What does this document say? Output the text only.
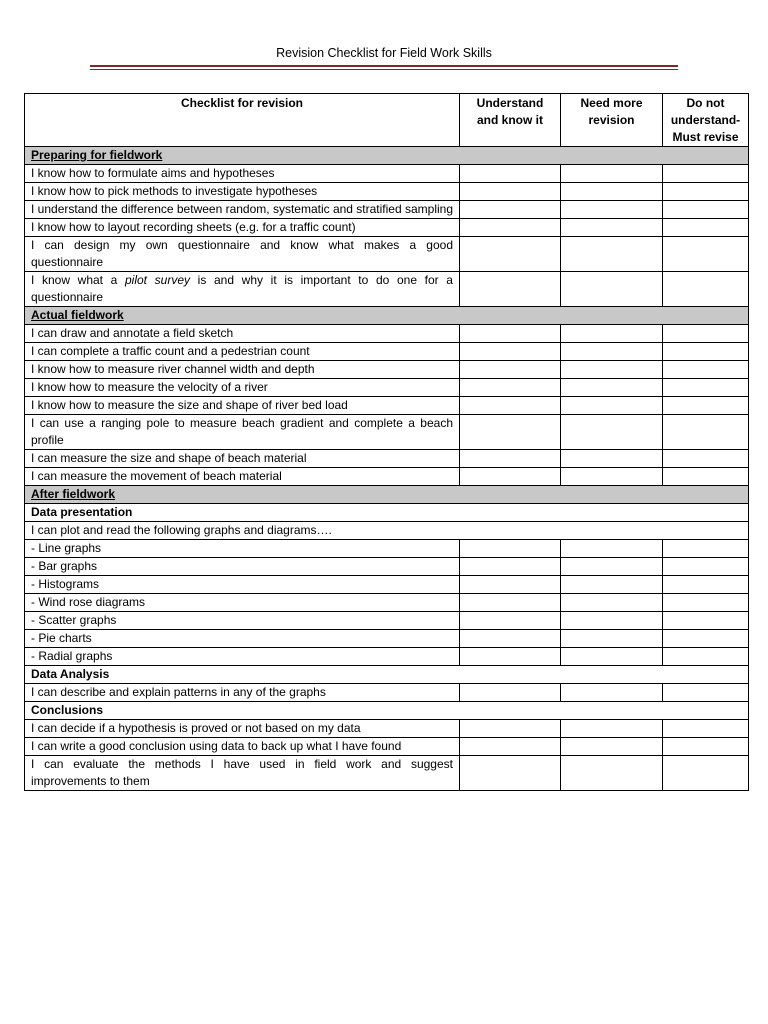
Revision Checklist for Field Work Skills
Checklist for revision	Understand and know it	Need more revision	Do not understand- Must revise
Preparing for fieldwork			
I know how to formulate aims and hypotheses			
I know how to pick methods to investigate hypotheses			
I understand the difference between random, systematic and stratified sampling			
I know how to layout recording sheets (e.g. for a traffic count)			
I can design my own questionnaire and know what makes a good questionnaire			
I know what a pilot survey is and why it is important to do one for a questionnaire			
Actual fieldwork			
I can draw and annotate a field sketch			
I can complete a traffic count and a pedestrian count			
I know how to measure river channel width and depth			
I know how to measure the velocity of a river			
I know how to measure the size and shape of river bed load			
I can use a ranging pole to measure beach gradient and complete a beach profile			
I can measure the size and shape of beach material			
I can measure the movement of beach material			
After fieldwork			
Data presentation			
I can plot and read the following graphs and diagrams….			
- Line graphs			
- Bar graphs			
- Histograms			
- Wind rose diagrams			
- Scatter graphs			
- Pie charts			
- Radial graphs			
Data Analysis			
I can describe and explain patterns in any of the graphs			
Conclusions			
I can decide if a hypothesis is proved or not based on my data			
I can write a good conclusion using data to back up what I have found			
I can evaluate the methods I have used in field work and suggest improvements to them			
